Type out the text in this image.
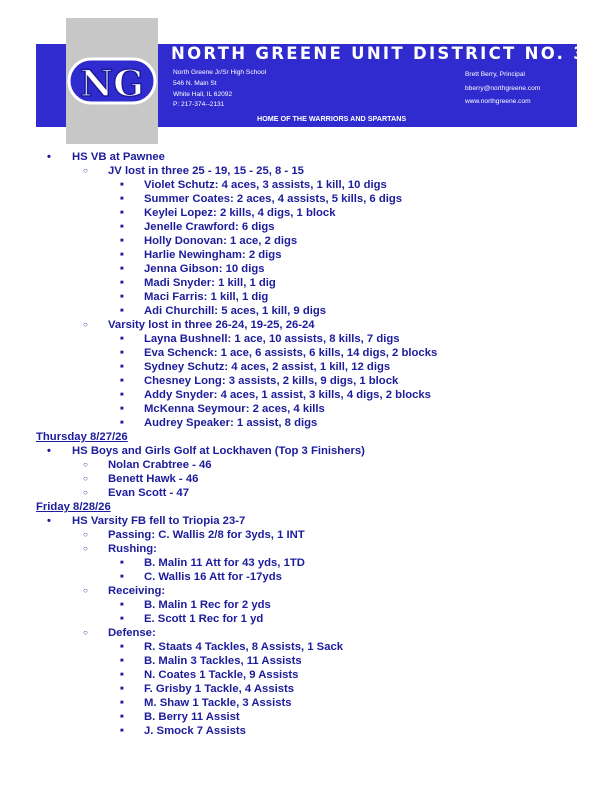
NORTH GREENE UNIT DISTRICT NO. 3
North Greene Jr/Sr High School
546 N. Main St
White Hall, IL 62092
P: 217-374--2131
Brett Berry, Principal
bberry@northgreene.com
www.northgreene.com
HOME OF THE WARRIORS AND SPARTANS
NG
• HS VB at Pawnee
○ JV lost in three 25 - 19, 15 - 25, 8 - 15
■ Violet Schutz: 4 aces, 3 assists, 1 kill, 10 digs
■ Summer Coates: 2 aces, 4 assists, 5 kills, 6 digs
■ Keylei Lopez: 2 kills, 4 digs, 1 block
■ Jenelle Crawford: 6 digs
■ Holly Donovan: 1 ace, 2 digs
■ Harlie Newingham: 2 digs
■ Jenna Gibson: 10 digs
■ Madi Snyder: 1 kill, 1 dig
■ Maci Farris: 1 kill, 1 dig
■ Adi Churchill: 5 aces, 1 kill, 9 digs
○ Varsity lost in three 26-24, 19-25, 26-24
■ Layna Bushnell: 1 ace, 10 assists, 8 kills, 7 digs
■ Eva Schenck: 1 ace, 6 assists, 6 kills, 14 digs, 2 blocks
■ Sydney Schutz: 4 aces, 2 assist, 1 kill, 12 digs
■ Chesney Long: 3 assists, 2 kills, 9 digs, 1 block
■ Addy Snyder: 4 aces, 1 assist, 3 kills, 4 digs, 2 blocks
■ McKenna Seymour: 2 aces, 4 kills
■ Audrey Speaker: 1 assist, 8 digs
Thursday 8/27/26
• HS Boys and Girls Golf at Lockhaven (Top 3 Finishers)
○ Nolan Crabtree - 46
○ Benett Hawk - 46
○ Evan Scott - 47
Friday 8/28/26
• HS Varsity FB fell to Triopia 23-7
○ Passing: C. Wallis 2/8 for 3yds, 1 INT
○ Rushing:
■ B. Malin 11 Att for 43 yds, 1TD
■ C. Wallis 16 Att for -17yds
○ Receiving:
■ B. Malin 1 Rec for 2 yds
■ E. Scott 1 Rec for 1 yd
○ Defense:
■ R. Staats 4 Tackles, 8 Assists, 1 Sack
■ B. Malin 3 Tackles, 11 Assists
■ N. Coates 1 Tackle, 9 Assists
■ F. Grisby 1 Tackle, 4 Assists
■ M. Shaw 1 Tackle, 3 Assists
■ B. Berry 11 Assist
■ J. Smock 7 Assists
